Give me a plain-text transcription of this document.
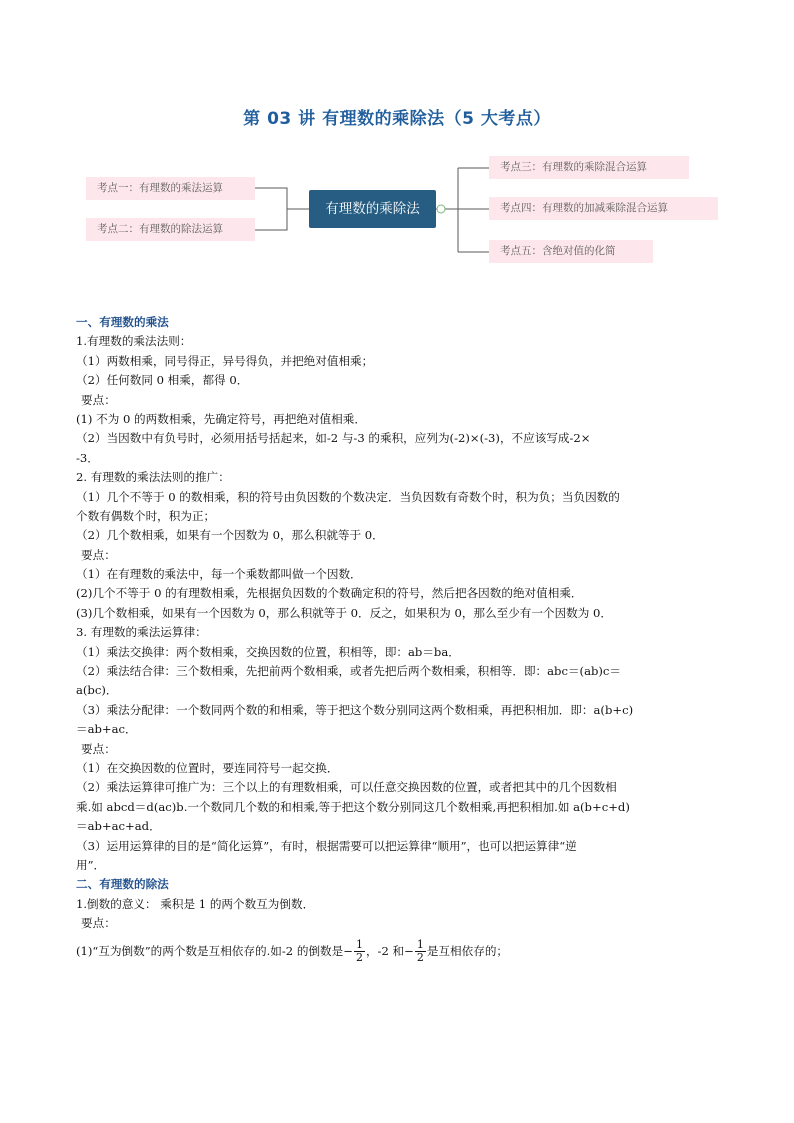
第 03 讲 有理数的乘除法（5 大考点）
考点一：有理数的乘法运算
考点二：有理数的除法运算
有理数的乘除法
考点三：有理数的乘除混合运算
考点四：有理数的加减乘除混合运算
考点五：含绝对值的化简
一、有理数的乘法
1.有理数的乘法法则：
（1）两数相乘，同号得正，异号得负，并把绝对值相乘；
（2）任何数同 0 相乘，都得 0．
要点：
(1) 不为 0 的两数相乘，先确定符号，再把绝对值相乘．
（2）当因数中有负号时，必须用括号括起来，如-2 与-3 的乘积，应列为(-2)×(-3)，不应该写成-2×
-3．
2. 有理数的乘法法则的推广：
（1）几个不等于 0 的数相乘，积的符号由负因数的个数决定．当负因数有奇数个时，积为负；当负因数的
个数有偶数个时，积为正；
（2）几个数相乘，如果有一个因数为 0，那么积就等于 0．
要点：
（1）在有理数的乘法中，每一个乘数都叫做一个因数．
(2)几个不等于 0 的有理数相乘，先根据负因数的个数确定积的符号，然后把各因数的绝对值相乘．
(3)几个数相乘，如果有一个因数为 0，那么积就等于 0．反之，如果积为 0，那么至少有一个因数为 0．
3. 有理数的乘法运算律：
（1）乘法交换律：两个数相乘，交换因数的位置，积相等，即：ab＝ba．
（2）乘法结合律：三个数相乘，先把前两个数相乘，或者先把后两个数相乘，积相等．即：abc＝(ab)c＝
a(bc)．
（3）乘法分配律：一个数同两个数的和相乘，等于把这个数分别同这两个数相乘，再把积相加．即：a(b+c)
＝ab+ac．
要点：
（1）在交换因数的位置时，要连同符号一起交换．
（2）乘法运算律可推广为：三个以上的有理数相乘，可以任意交换因数的位置，或者把其中的几个因数相
乘.如 abcd＝d(ac)b.一个数同几个数的和相乘,等于把这个数分别同这几个数相乘,再把积相加.如 a(b+c+d)
＝ab+ac+ad．
（3）运用运算律的目的是“简化运算”，有时，根据需要可以把运算律“顺用”，也可以把运算律“逆
用”．
二、有理数的除法
1.倒数的意义： 乘积是 1 的两个数互为倒数．
要点：
(1)“互为倒数”的两个数是互相依存的.如-2 的倒数是− $\frac{1}{2}$ ，-2 和− $\frac{1}{2}$ 是互相依存的；
